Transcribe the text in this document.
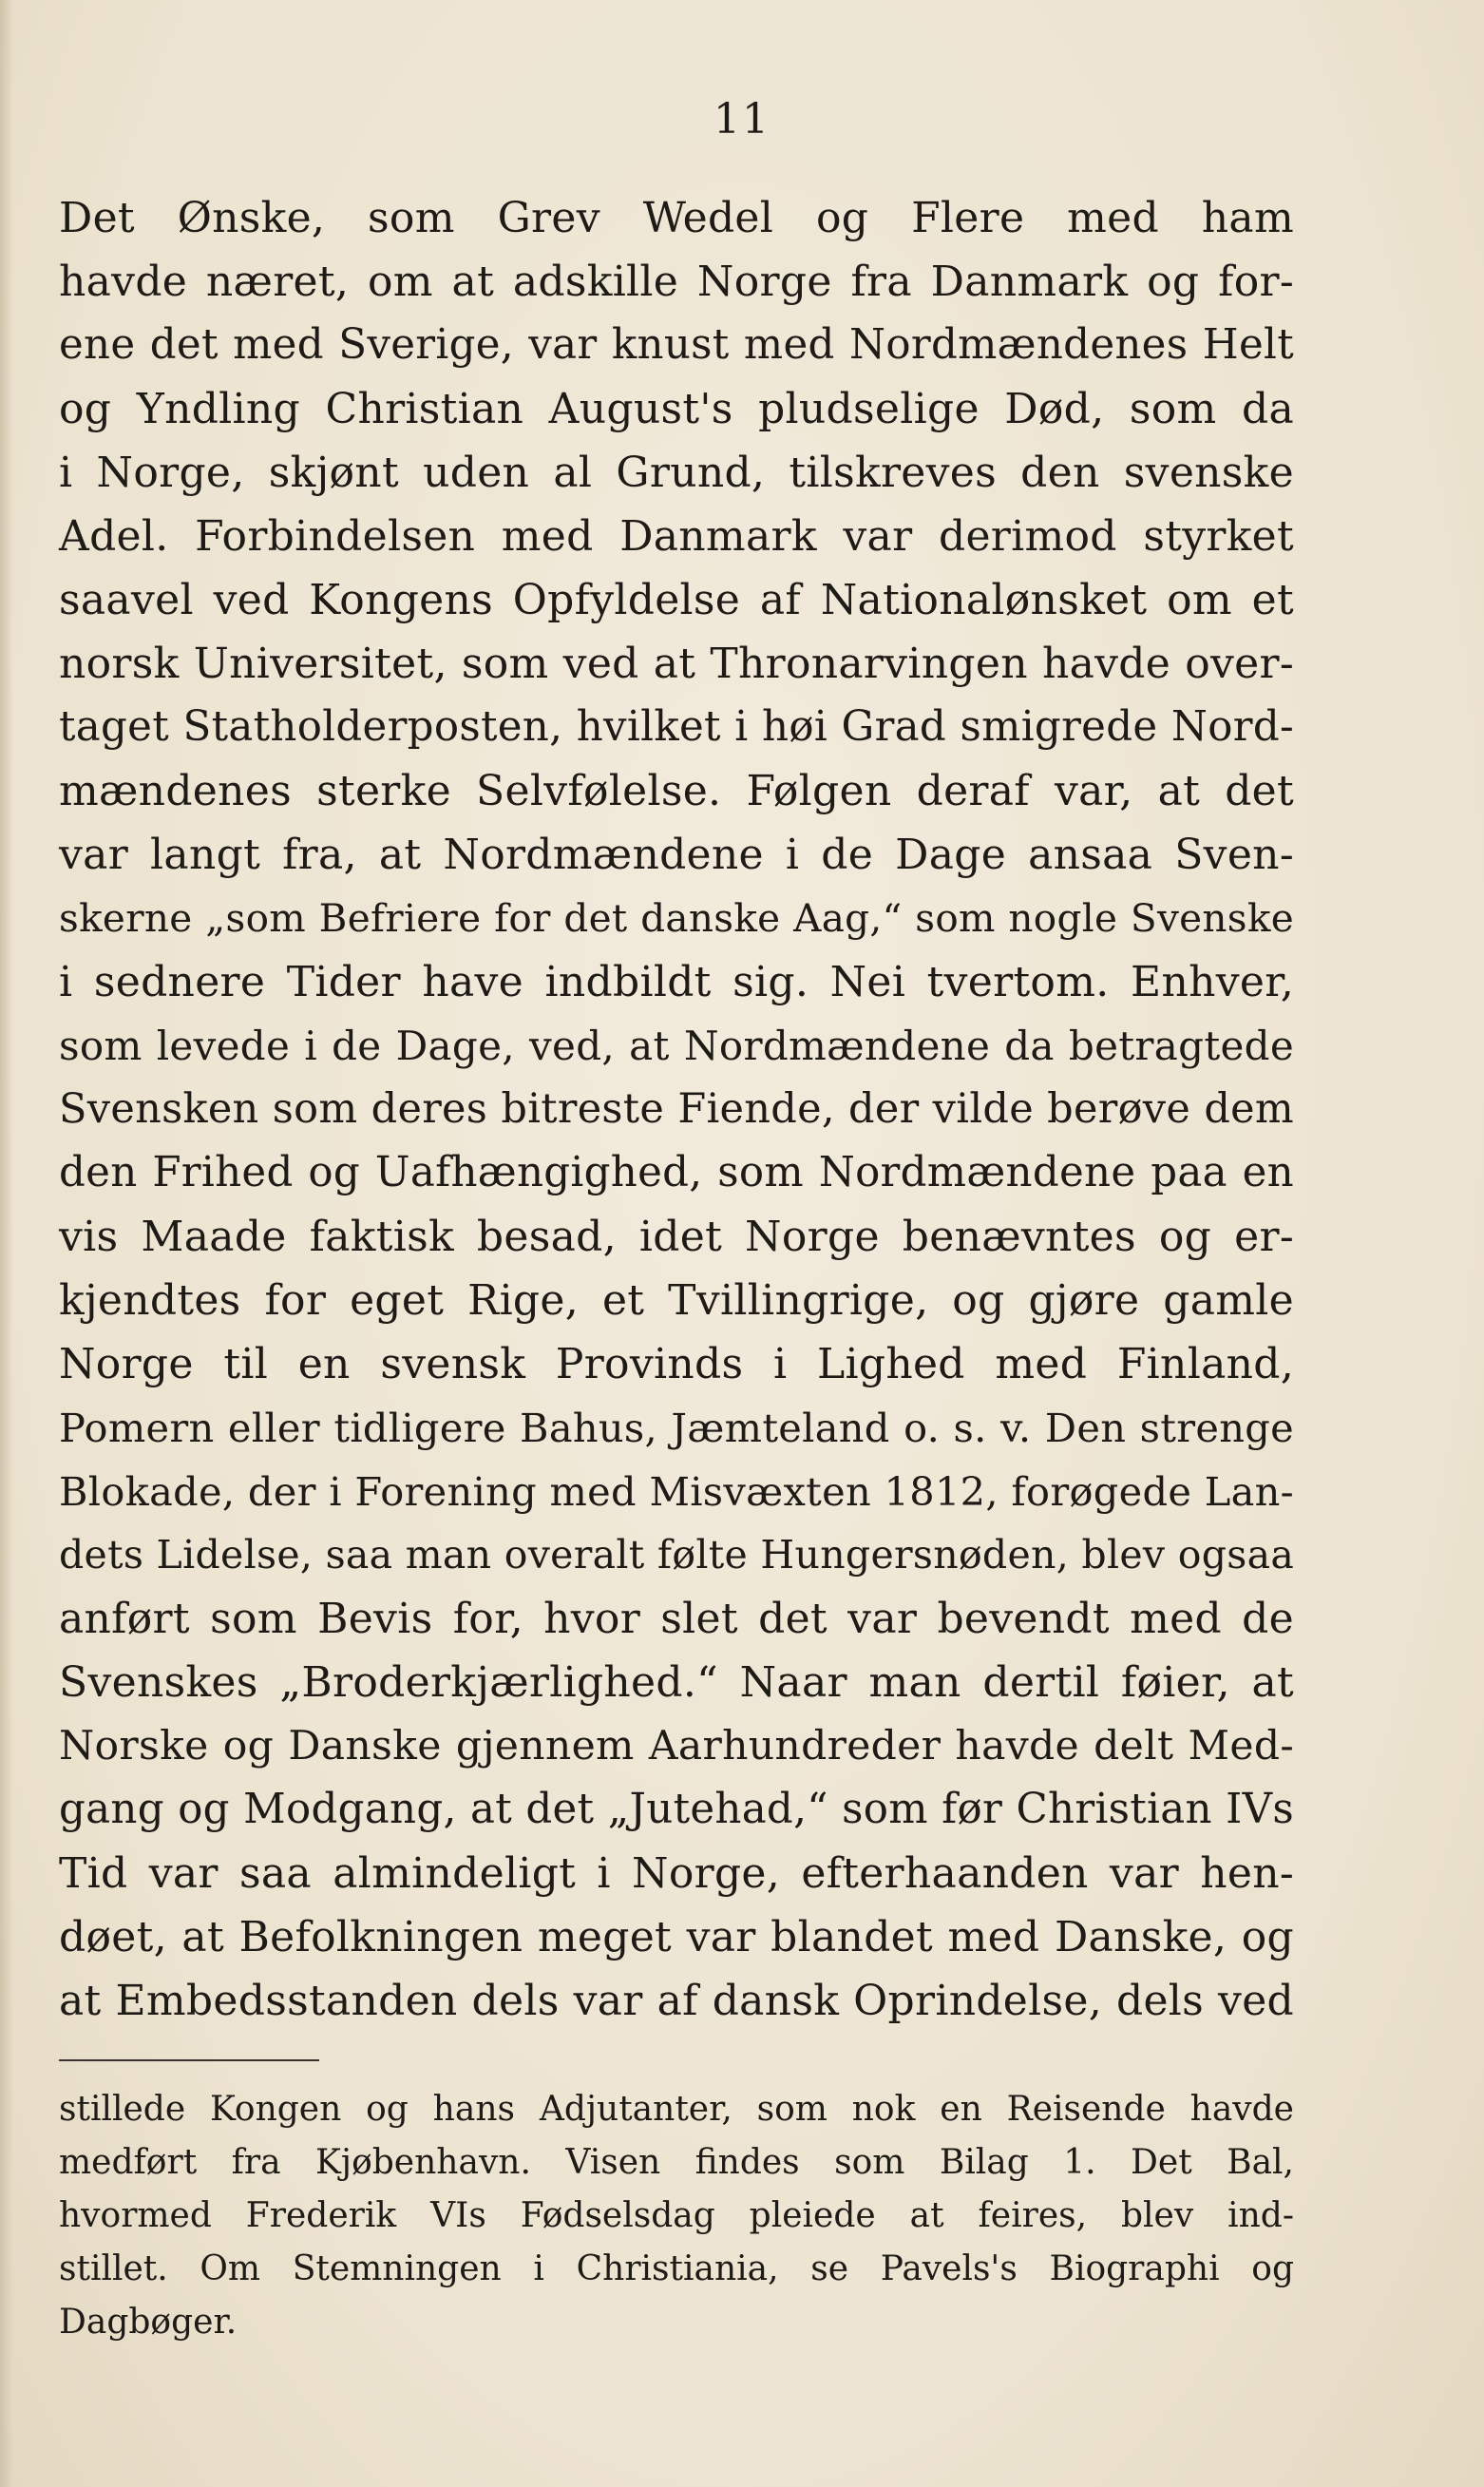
11
Det Ønske, som Grev Wedel og Flere med ham
havde næret, om at adskille Norge fra Danmark og for-
ene det med Sverige, var knust med Nordmændenes Helt
og Yndling Christian August's pludselige Død, som da
i Norge, skjønt uden al Grund, tilskreves den svenske
Adel. Forbindelsen med Danmark var derimod styrket
saavel ved Kongens Opfyldelse af Nationalønsket om et
norsk Universitet, som ved at Thronarvingen havde over-
taget Statholderposten, hvilket i høi Grad smigrede Nord-
mændenes sterke Selvfølelse. Følgen deraf var, at det
var langt fra, at Nordmændene i de Dage ansaa Sven-
skerne „som Befriere for det danske Aag,“ som nogle Svenske
i sednere Tider have indbildt sig. Nei tvertom. Enhver,
som levede i de Dage, ved, at Nordmændene da betragtede
Svensken som deres bitreste Fiende, der vilde berøve dem
den Frihed og Uafhængighed, som Nordmændene paa en
vis Maade faktisk besad, idet Norge benævntes og er-
kjendtes for eget Rige, et Tvillingrige, og gjøre gamle
Norge til en svensk Provinds i Lighed med Finland,
Pomern eller tidligere Bahus, Jæmteland o. s. v. Den strenge
Blokade, der i Forening med Misvæxten 1812, forøgede Lan-
dets Lidelse, saa man overalt følte Hungersnøden, blev ogsaa
anført som Bevis for, hvor slet det var bevendt med de
Svenskes „Broderkjærlighed.“ Naar man dertil føier, at
Norske og Danske gjennem Aarhundreder havde delt Med-
gang og Modgang, at det „Jutehad,“ som før Christian IVs
Tid var saa almindeligt i Norge, efterhaanden var hen-
døet, at Befolkningen meget var blandet med Danske, og
at Embedsstanden dels var af dansk Oprindelse, dels ved
stillede Kongen og hans Adjutanter, som nok en Reisende havde
medført fra Kjøbenhavn. Visen findes som Bilag 1. Det Bal,
hvormed Frederik VIs Fødselsdag pleiede at feires, blev ind-
stillet. Om Stemningen i Christiania, se Pavels's Biographi og
Dagbøger.
